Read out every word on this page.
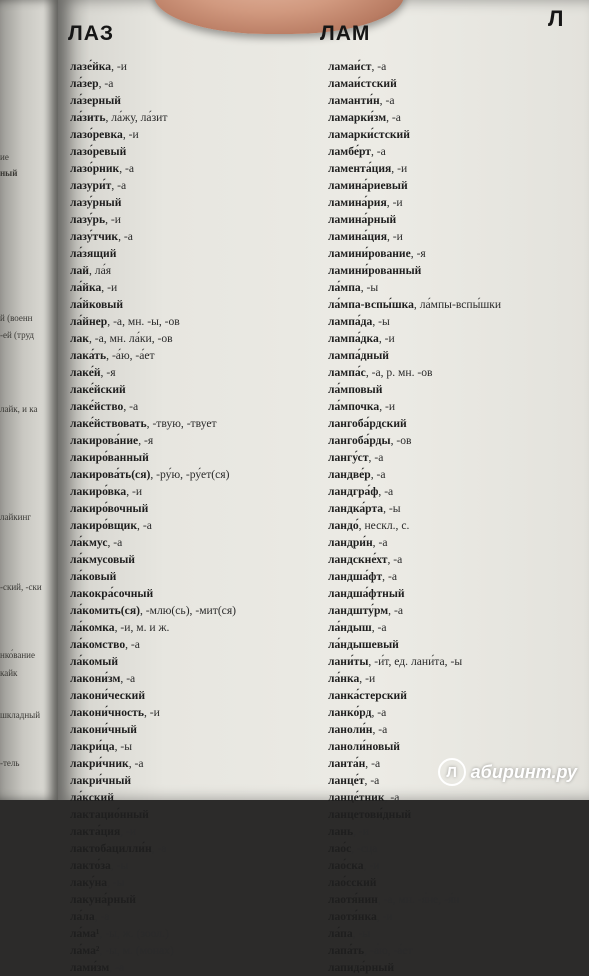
ие
ный
й (военн
-ей (труд
лайк, и ка
лайкинг
-ский, -ски
нко́вание
кайк
шкладный
-тель
ЛАЗ	ЛАМ
Л
лазе́йка, -и
ла́зер, -а
ла́зерный
ла́зить, ла́жу, ла́зит
лазо́ревка, -и
лазо́ревый
лазо́рник, -а
лазури́т, -а
лазу́рный
лазу́рь, -и
лазу́тчик, -а
ла́зящий
лай, ла́я
ла́йка, -и
ла́йковый
ла́йнер, -а, мн. -ы, -ов
лак, -а, мн. ла́ки, -ов
лака́ть, -а́ю, -а́ет
лаке́й, -я
лаке́йский
лаке́йство, -а
лаке́йствовать, -твую, -твует
лакирова́ние, -я
лакиро́ванный
лакирова́ть(ся), -ру́ю, -ру́ет(ся)
лакиро́вка, -и
лакиро́вочный
лакиро́вщик, -а
ла́кмус, -а
ла́кмусовый
ла́ковый
лакокра́сочный
ла́комить(ся), -млю(сь), -мит(ся)
ла́комка, -и, м. и ж.
ла́комство, -а
ла́комый
лакони́зм, -а
лакони́ческий
лакони́чность, -и
лакони́чный
лакри́ца, -ы
лакри́чник, -а
лакри́чный
ла́кский
лактацио́нный
лакта́ция, -и
лактобацилли́н, -а
лакто́за, -ы
лаку́на, -ы
лакуна́рный
ла́ла, -а
ла́ма¹, -ы, ж. (зоол.)
ла́ма², -ы, м. (монах)
лами́зм, -а
ламаи́ст, -а
ламаи́стский
ламанти́н, -а
ламарки́зм, -а
ламарки́стский
ламбе́рт, -а
ламента́ция, -и
ламина́риевый
ламина́рия, -и
ламина́рный
ламина́ция, -и
ламини́рование, -я
ламини́рованный
ла́мпа, -ы
ла́мпа-вспы́шка, ла́мпы-вспы́шки
лампа́да, -ы
лампа́дка, -и
лампа́дный
лампа́с, -а, р. мн. -ов
ла́мповый
ла́мпочка, -и
лангоба́рдский
лангоба́рды, -ов
лангу́ст, -а
ландве́р, -а
ландгра́ф, -а
ландка́рта, -ы
ландо́, нескл., с.
ландри́н, -а
ландскне́хт, -а
ландша́фт, -а
ландша́фтный
ландшту́рм, -а
ла́ндыш, -а
ла́ндышевый
лани́ты, -и́т, ед. лани́та, -ы
ла́нка, -и
ланка́стерский
ланко́рд, -а
ланоли́н, -а
ланоли́новый
ланта́н, -а
ланце́т, -а
ланце́тник, -а
ланцетови́дный
лань, -и
лао́с, -сца
лао́ска, -и
лао́сский
лаотя́нин, -а, мн. -я́не, -я́н
лаотя́нка, -и
ла́па, -ы
лапа́ть, -а́ю, -а́ет
лапида́рный
Л абиринт.ру
